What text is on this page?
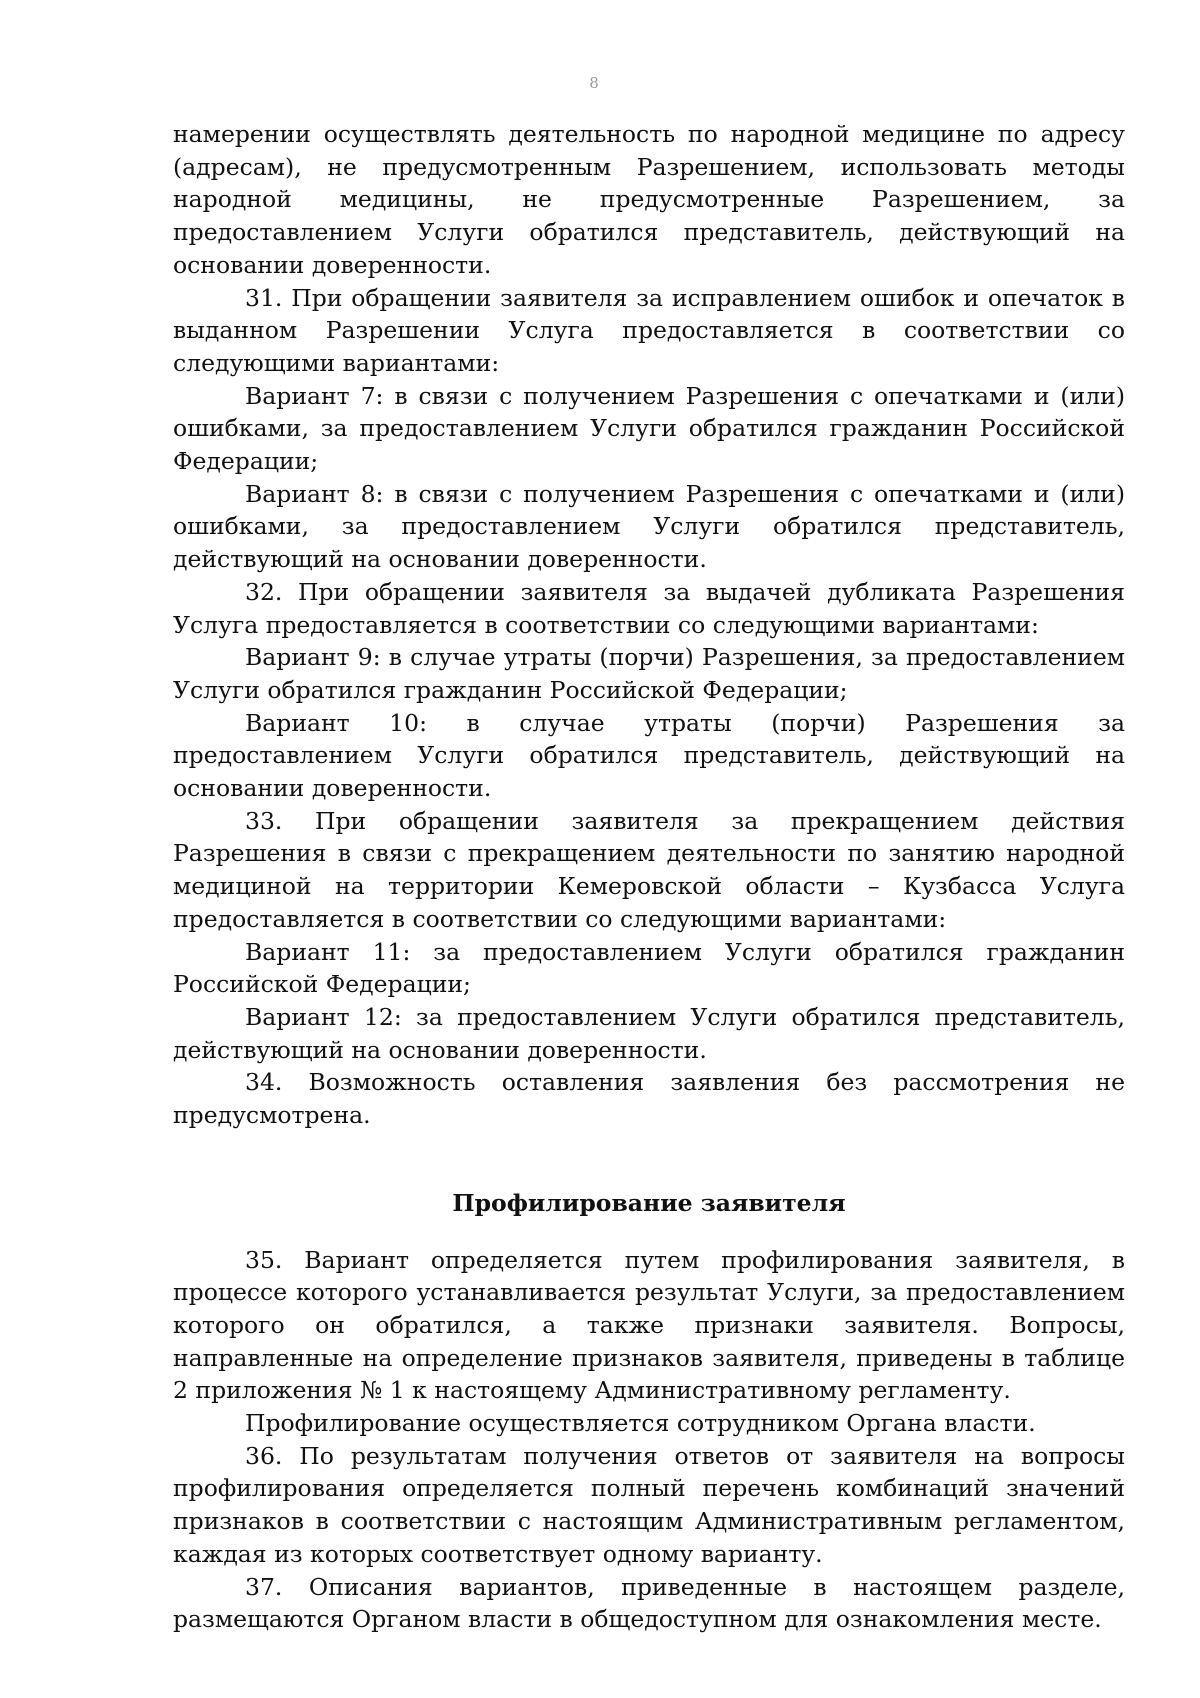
8

намерении осуществлять деятельность по народной медицине по адресу (адресам), не предусмотренным Разрешением, использовать методы народной медицины, не предусмотренные Разрешением, за предоставлением Услуги обратился представитель, действующий на основании доверенности.

31. При обращении заявителя за исправлением ошибок и опечаток в выданном Разрешении Услуга предоставляется в соответствии со следующими вариантами:

Вариант 7: в связи с получением Разрешения с опечатками и (или) ошибками, за предоставлением Услуги обратился гражданин Российской Федерации;

Вариант 8: в связи с получением Разрешения с опечатками и (или) ошибками, за предоставлением Услуги обратился представитель, действующий на основании доверенности.

32. При обращении заявителя за выдачей дубликата Разрешения Услуга предоставляется в соответствии со следующими вариантами:

Вариант 9: в случае утраты (порчи) Разрешения, за предоставлением Услуги обратился гражданин Российской Федерации;

Вариант 10: в случае утраты (порчи) Разрешения за предоставлением Услуги обратился представитель, действующий на основании доверенности.

33. При обращении заявителя за прекращением действия Разрешения в связи с прекращением деятельности по занятию народной медициной на территории Кемеровской области – Кузбасса Услуга предоставляется в соответствии со следующими вариантами:

Вариант 11: за предоставлением Услуги обратился гражданин Российской Федерации;

Вариант 12: за предоставлением Услуги обратился представитель, действующий на основании доверенности.

34. Возможность оставления заявления без рассмотрения не предусмотрена.

Профилирование заявителя

35. Вариант определяется путем профилирования заявителя, в процессе которого устанавливается результат Услуги, за предоставлением которого он обратился, а также признаки заявителя. Вопросы, направленные на определение признаков заявителя, приведены в таблице 2 приложения № 1 к настоящему Административному регламенту.

Профилирование осуществляется сотрудником Органа власти.

36. По результатам получения ответов от заявителя на вопросы профилирования определяется полный перечень комбинаций значений признаков в соответствии с настоящим Административным регламентом, каждая из которых соответствует одному варианту.

37. Описания вариантов, приведенные в настоящем разделе, размещаются Органом власти в общедоступном для ознакомления месте.
